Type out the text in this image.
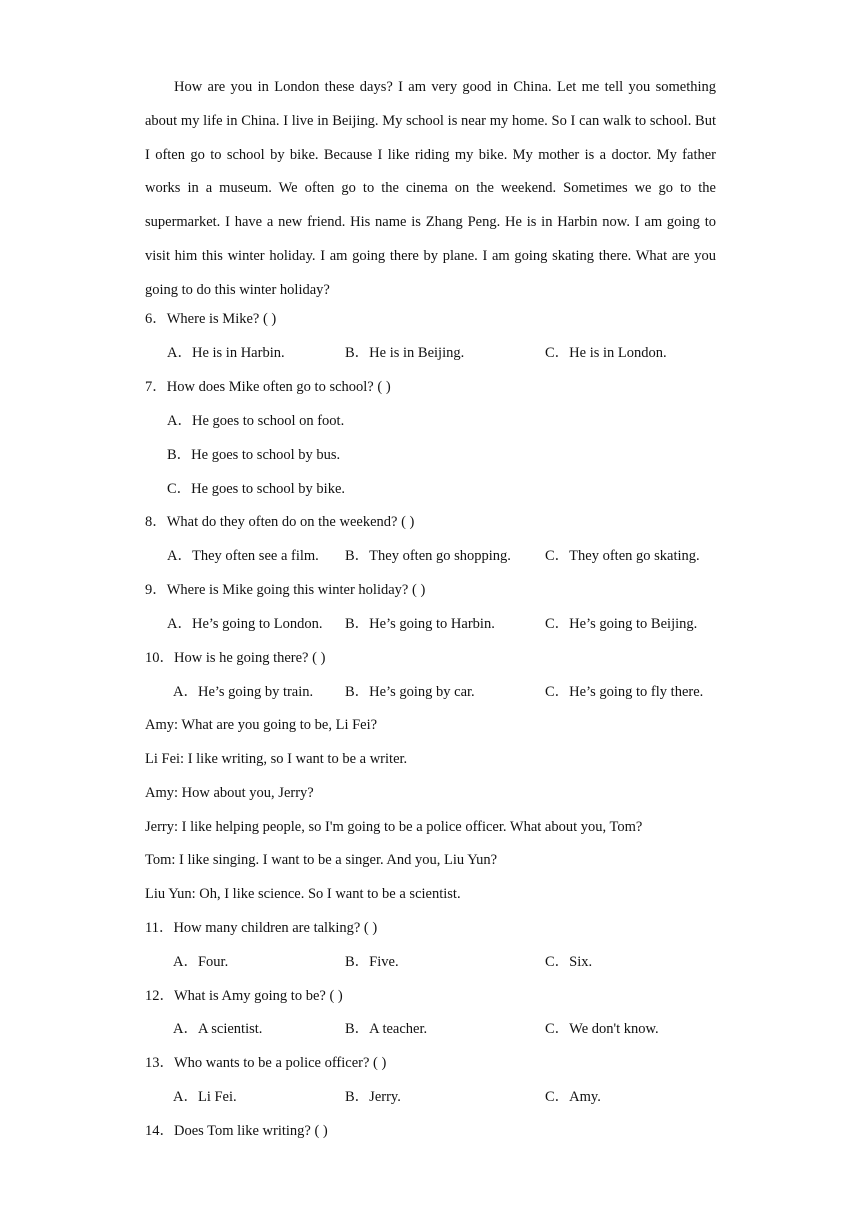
How are you in London these days? I am very good in China. Let me tell you something about my life in China. I live in Beijing. My school is near my home. So I can walk to school. But I often go to school by bike. Because I like riding my bike. My mother is a doctor. My father works in a museum. We often go to the cinema on the weekend. Sometimes we go to the supermarket. I have a new friend. His name is Zhang Peng. He is in Harbin now. I am going to visit him this winter holiday. I am going there by plane. I am going skating there. What are you going to do this winter holiday?

6．Where is Mike? ( )
A．He is in Harbin.	B．He is in Beijing.	C．He is in London.
7．How does Mike often go to school? ( )
A．He goes to school on foot.
B．He goes to school by bus.
C．He goes to school by bike.
8．What do they often do on the weekend? ( )
A．They often see a film. B．They often go shopping. C．They often go skating.
9．Where is Mike going this winter holiday? ( )
A．He’s going to London. B．He’s going to Harbin.	C．He’s going to Beijing.
10．How is he going there? ( )
A．He’s going by train. B．He’s going by car.	C．He’s going to fly there.
Amy: What are you going to be, Li Fei?
Li Fei: I like writing, so I want to be a writer.
Amy: How about you, Jerry?
Jerry: I like helping people, so I'm going to be a police officer. What about you, Tom?
Tom: I like singing. I want to be a singer. And you, Liu Yun?
Liu Yun: Oh, I like science. So I want to be a scientist.
11．How many children are talking? ( )
A．Four.	B．Five.	C．Six.
12．What is Amy going to be? ( )
A．A scientist.	B．A teacher.	C．We don't know.
13．Who wants to be a police officer? ( )
A．Li Fei.	B．Jerry.	C．Amy.
14．Does Tom like writing? ( )
